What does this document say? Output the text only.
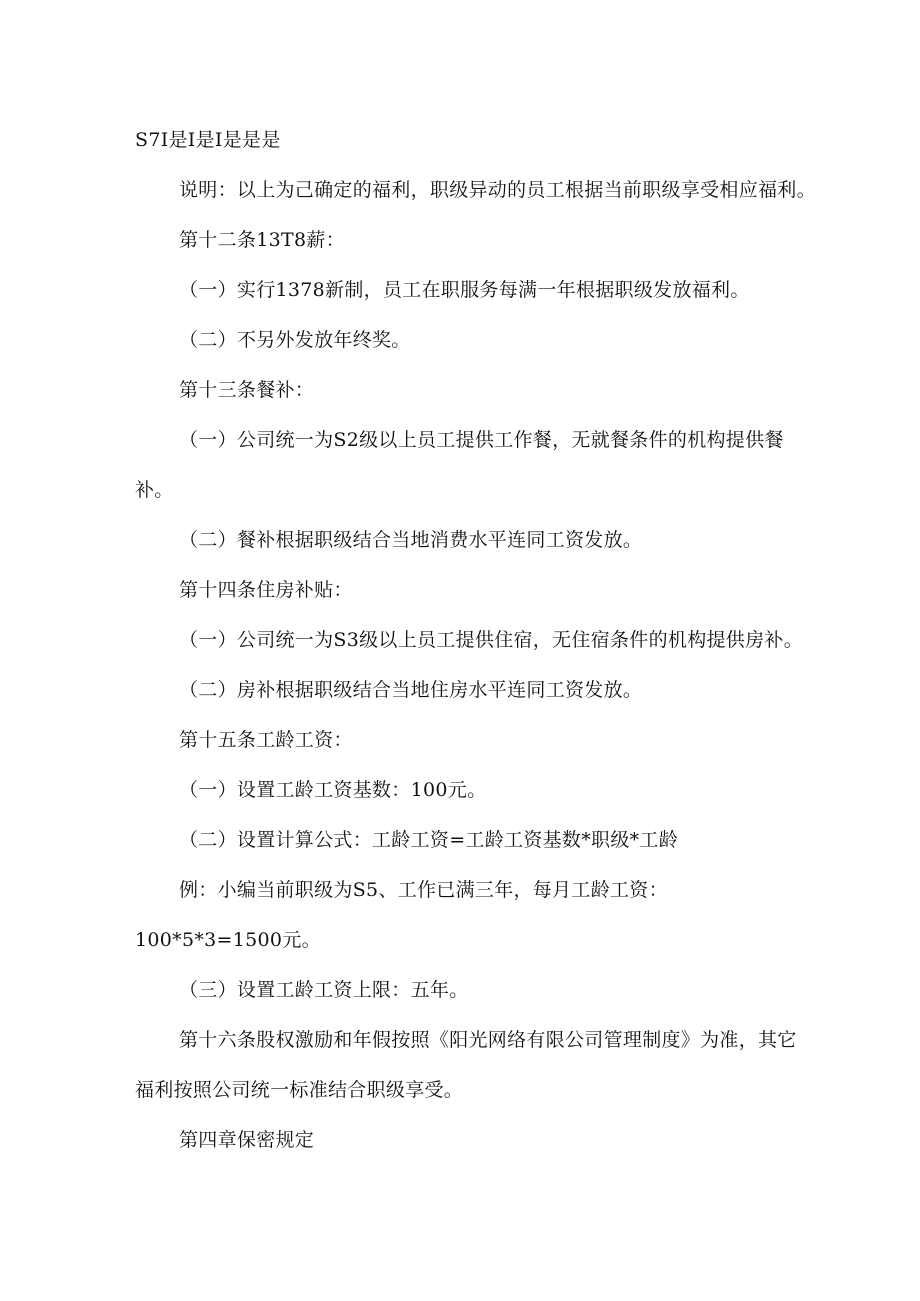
S7I是I是I是是是
说明：以上为己确定的福利，职级异动的员工根据当前职级享受相应福利。
第十二条13T8薪：
（一）实行1378新制，员工在职服务每满一年根据职级发放福利。
（二）不另外发放年终奖。
第十三条餐补：
（一）公司统一为S2级以上员工提供工作餐，无就餐条件的机构提供餐
补。
（二）餐补根据职级结合当地消费水平连同工资发放。
第十四条住房补贴：
（一）公司统一为S3级以上员工提供住宿，无住宿条件的机构提供房补。
（二）房补根据职级结合当地住房水平连同工资发放。
第十五条工龄工资：
（一）设置工龄工资基数：100元。
（二）设置计算公式：工龄工资=工龄工资基数*职级*工龄
例：小编当前职级为S5、工作已满三年，每月工龄工资：
100*5*3=1500元。
（三）设置工龄工资上限：五年。
第十六条股权激励和年假按照《阳光网络有限公司管理制度》为准，其它
福利按照公司统一标准结合职级享受。
第四章保密规定
